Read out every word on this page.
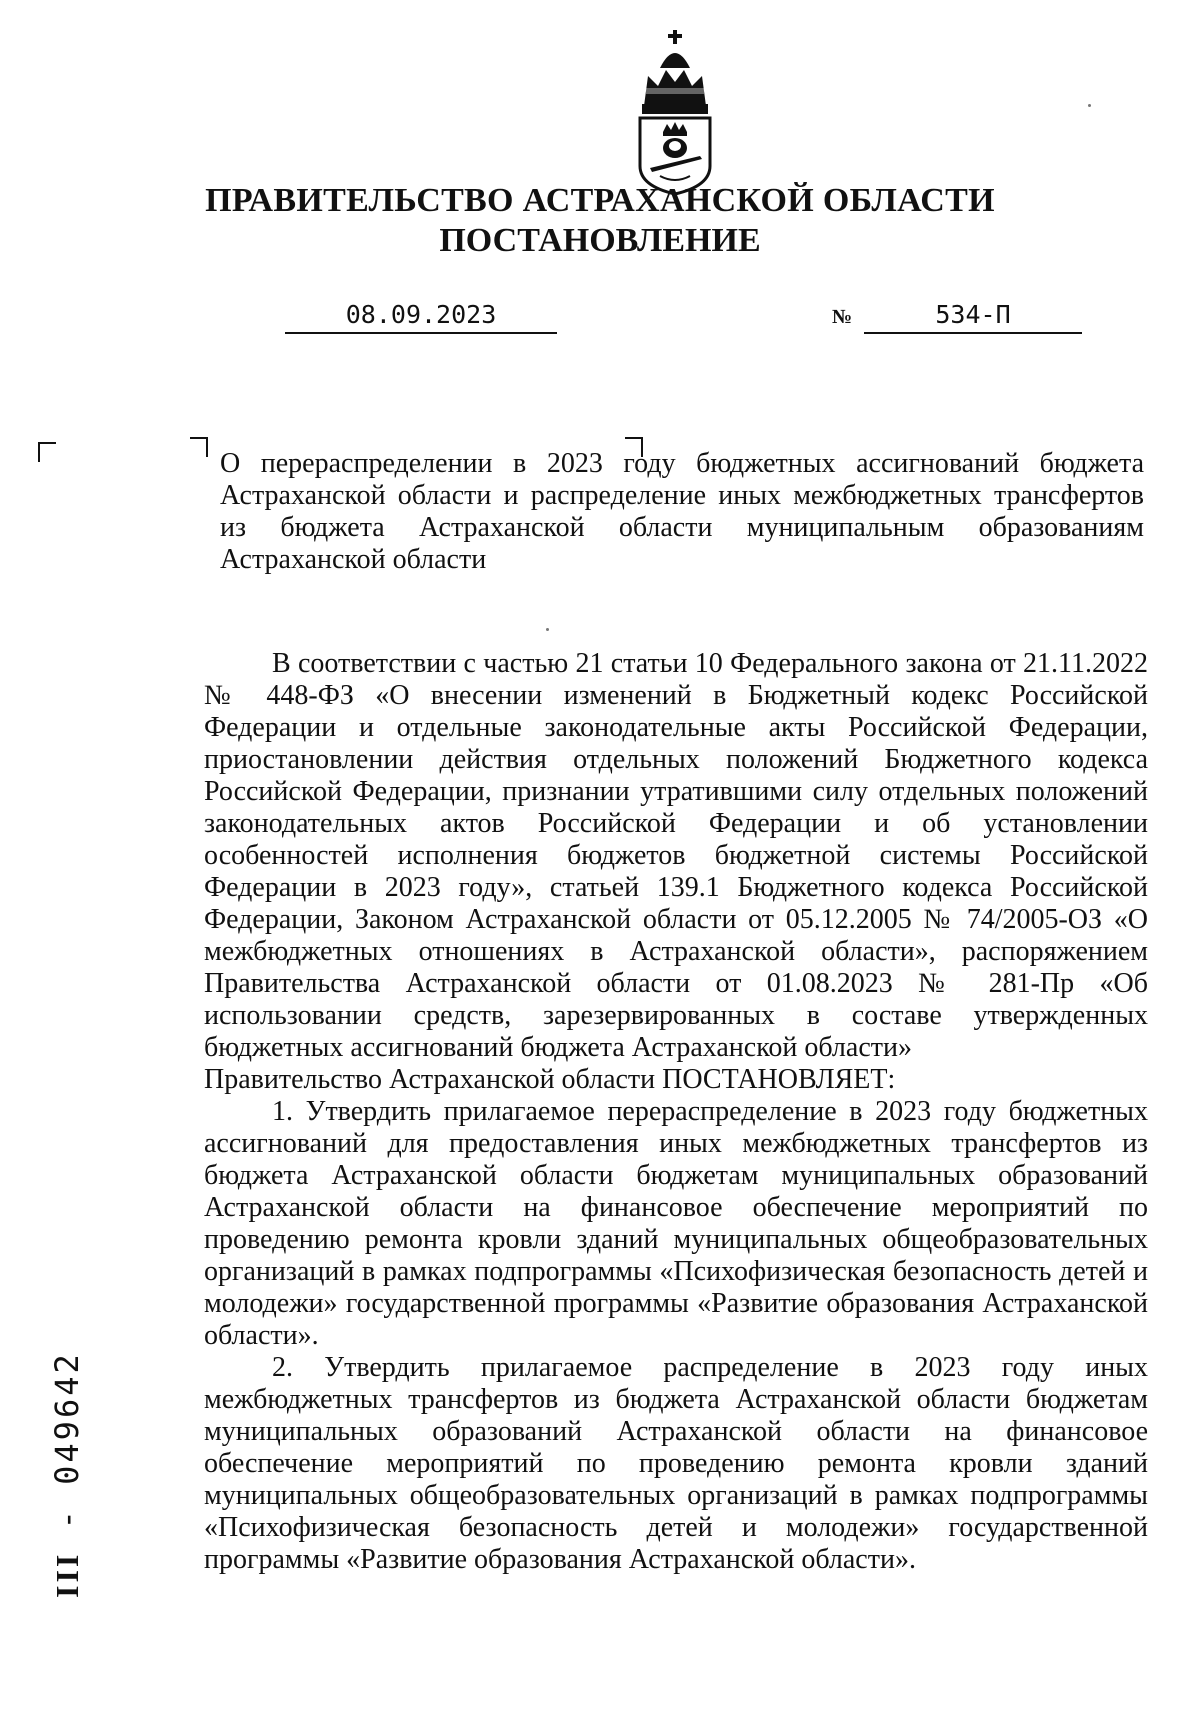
ПРАВИТЕЛЬСТВО АСТРАХАНСКОЙ ОБЛАСТИ
ПОСТАНОВЛЕНИЕ
08.09.2023	№	534-П
О перераспределении в 2023 году бюджетных ассигнований бюджета
Астраханской области и распределение иных межбюджетных трансфертов
из бюджета Астраханской области муниципальным образованиям
Астраханской области

В соответствии с частью 21 статьи 10 Федерального закона от 21.11.2022 № 448-ФЗ «О внесении изменений в Бюджетный кодекс Российской Федерации и отдельные законодательные акты Российской Федерации, приостановлении действия отдельных положений Бюджетного кодекса Российской Федерации, признании утратившими силу отдельных положений законодательных актов Российской Федерации и об установлении особенностей исполнения бюджетов бюджетной системы Российской Федерации в 2023 году», статьей 139.1 Бюджетного кодекса Российской Федерации, Законом Астраханской области от 05.12.2005 № 74/2005-ОЗ «О межбюджетных отношениях в Астраханской области», распоряжением Правительства Астраханской области от 01.08.2023 № 281-Пр «Об использовании средств, зарезервированных в составе утвержденных бюджетных ассигнований бюджета Астраханской области»

Правительство Астраханской области ПОСТАНОВЛЯЕТ:

1. Утвердить прилагаемое перераспределение в 2023 году бюджетных ассигнований для предоставления иных межбюджетных трансфертов из бюджета Астраханской области бюджетам муниципальных образований Астраханской области на финансовое обеспечение мероприятий по проведению ремонта кровли зданий муниципальных общеобразовательных организаций в рамках подпрограммы «Психофизическая безопасность детей и молодежи» государственной программы «Развитие образования Астраханской области».

2. Утвердить прилагаемое распределение в 2023 году иных межбюджетных трансфертов из бюджета Астраханской области бюджетам муниципальных образований Астраханской области на финансовое обеспечение мероприятий по проведению ремонта кровли зданий муниципальных общеобразовательных организаций в рамках подпрограммы «Психофизическая безопасность детей и молодежи» государственной программы «Развитие образования Астраханской области».

III - 049642
